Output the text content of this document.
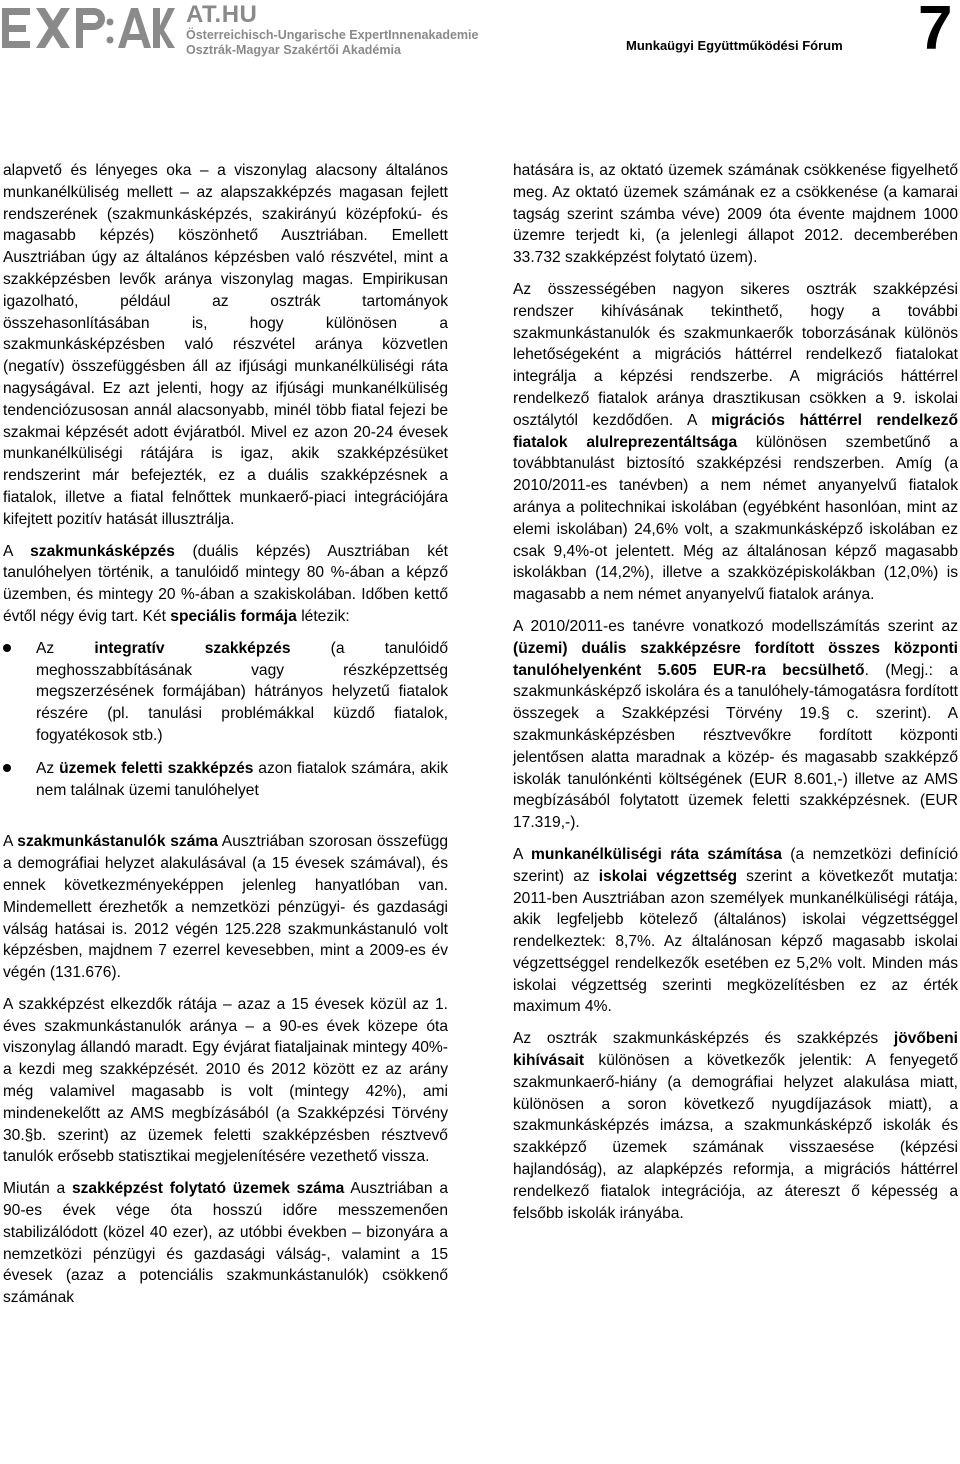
AT.HU
Österreichisch-Ungarische ExpertInnenakademie
Osztrák-Magyar Szakértői Akadémia	Munkaügyi Együttműködési Fórum 7

alapvető és lényeges oka – a viszonylag alacsony általános munkanélküliség mellett – az alapszakképzés magasan fejlett rendszerének (szakmunkásképzés, szakirányú középfokú- és magasabb képzés) köszönhető Ausztriában. Emellett Ausztriában úgy az általános képzésben való részvétel, mint a szakképzésben levők aránya viszonylag magas. Empirikusan igazolható, például az osztrák tartományok összehasonlításában is, hogy különösen a szakmunkásképzésben való részvétel aránya közvetlen (negatív) összefüggésben áll az ifjúsági munkanélküliségi ráta nagyságával. Ez azt jelenti, hogy az ifjúsági munkanélküliség tendenciózusosan annál alacsonyabb, minél több fiatal fejezi be szakmai képzését adott évjáratból. Mivel ez azon 20-24 évesek munkanélküliségi rátájára is igaz, akik szakképzésüket rendszerint már befejezték, ez a duális szakképzésnek a fiatalok, illetve a fiatal felnőttek munkaerő-piaci integrációjára kifejtett pozitív hatását illusztrálja.

A szakmunkásképzés (duális képzés) Ausztriában két tanulóhelyen történik, a tanulóidő mintegy 80 %-ában a képző üzemben, és mintegy 20 %-ában a szakiskolában. Időben kettő évtől négy évig tart. Két speciális formája létezik:

Az integratív szakképzés (a tanulóidő meghosszabbításának vagy részképzettség megszerzésének formájában) hátrányos helyzetű fiatalok részére (pl. tanulási problémákkal küzdő fiatalok, fogyatékosok stb.)
Az üzemek feletti szakképzés azon fiatalok számára, akik nem találnak üzemi tanulóhelyet

A szakmunkástanulók száma Ausztriában szorosan összefügg a demográfiai helyzet alakulásával (a 15 évesek számával), és ennek következményeképpen jelenleg hanyatlóban van. Mindemellett érezhetők a nemzetközi pénzügyi- és gazdasági válság hatásai is. 2012 végén 125.228 szakmunkástanuló volt képzésben, majdnem 7 ezerrel kevesebben, mint a 2009-es év végén (131.676).

A szakképzést elkezdők rátája – azaz a 15 évesek közül az 1. éves szakmunkástanulók aránya – a 90-es évek közepe óta viszonylag állandó maradt. Egy évjárat fiataljainak mintegy 40%-a kezdi meg szakképzését. 2010 és 2012 között ez az arány még valamivel magasabb is volt (mintegy 42%), ami mindenekelőtt az AMS megbízásából (a Szakképzési Törvény 30.§b. szerint) az üzemek feletti szakképzésben résztvevő tanulók erősebb statisztikai megjelenítésére vezethető vissza.

Miután a szakképzést folytató üzemek száma Ausztriában a 90-es évek vége óta hosszú időre messzemenően stabilizálódott (közel 40 ezer), az utóbbi években – bizonyára a nemzetközi pénzügyi és gazdasági válság-, valamint a 15 évesek (azaz a potenciális szakmunkástanulók) csökkenő számának

hatására is, az oktató üzemek számának csökkenése figyelhető meg. Az oktató üzemek számának ez a csökkenése (a kamarai tagság szerint számba véve) 2009 óta évente majdnem 1000 üzemre terjedt ki, (a jelenlegi állapot 2012. decemberében 33.732 szakképzést folytató üzem).

Az összességében nagyon sikeres osztrák szakképzési rendszer kihívásának tekinthető, hogy a további szakmunkástanulók és szakmunkaerők toborzásának különös lehetőségeként a migrációs háttérrel rendelkező fiatalokat integrálja a képzési rendszerbe. A migrációs háttérrel rendelkező fiatalok aránya drasztikusan csökken a 9. iskolai osztálytól kezdődően. A migrációs háttérrel rendelkező fiatalok alulreprezentáltsága különösen szembetűnő a továbbtanulást biztosító szakképzési rendszerben. Amíg (a 2010/2011-es tanévben) a nem német anyanyelvű fiatalok aránya a politechnikai iskolában (egyébként hasonlóan, mint az elemi iskolában) 24,6% volt, a szakmunkásképző iskolában ez csak 9,4%-ot jelentett. Még az általánosan képző magasabb iskolákban (14,2%), illetve a szakközépiskolákban (12,0%) is magasabb a nem német anyanyelvű fiatalok aránya.

A 2010/2011-es tanévre vonatkozó modellszámítás szerint az (üzemi) duális szakképzésre fordított összes központi tanulóhelyenként 5.605 EUR-ra becsülhető. (Megj.: a szakmunkásképző iskolára és a tanulóhely-támogatásra fordított összegek a Szakképzési Törvény 19.§ c. szerint). A szakmunkásképzésben résztvevőkre fordított központi jelentősen alatta maradnak a közép- és magasabb szakképző iskolák tanulónkénti költségének (EUR 8.601,-) illetve az AMS megbízásából folytatott üzemek feletti szakképzésnek. (EUR 17.319,-).

A munkanélküliségi ráta számítása (a nemzetközi definíció szerint) az iskolai végzettség szerint a következőt mutatja: 2011-ben Ausztriában azon személyek munkanélküliségi rátája, akik legfeljebb kötelező (általános) iskolai végzettséggel rendelkeztek: 8,7%. Az általánosan képző magasabb iskolai végzettséggel rendelkezők esetében ez 5,2% volt. Minden más iskolai végzettség szerinti megközelítésben ez az érték maximum 4%.

Az osztrák szakmunkásképzés és szakképzés jövőbeni kihívásait különösen a következők jelentik: A fenyegető szakmunkaerő-hiány (a demográfiai helyzet alakulása miatt, különösen a soron következő nyugdíjazások miatt), a szakmunkásképzés imázsa, a szakmunkásképző iskolák és szakképző üzemek számának visszaesése (képzési hajlandóság), az alapképzés reformja, a migrációs háttérrel rendelkező fiatalok integrációja, az átereszt ő képesség a felsőbb iskolák irányába.
